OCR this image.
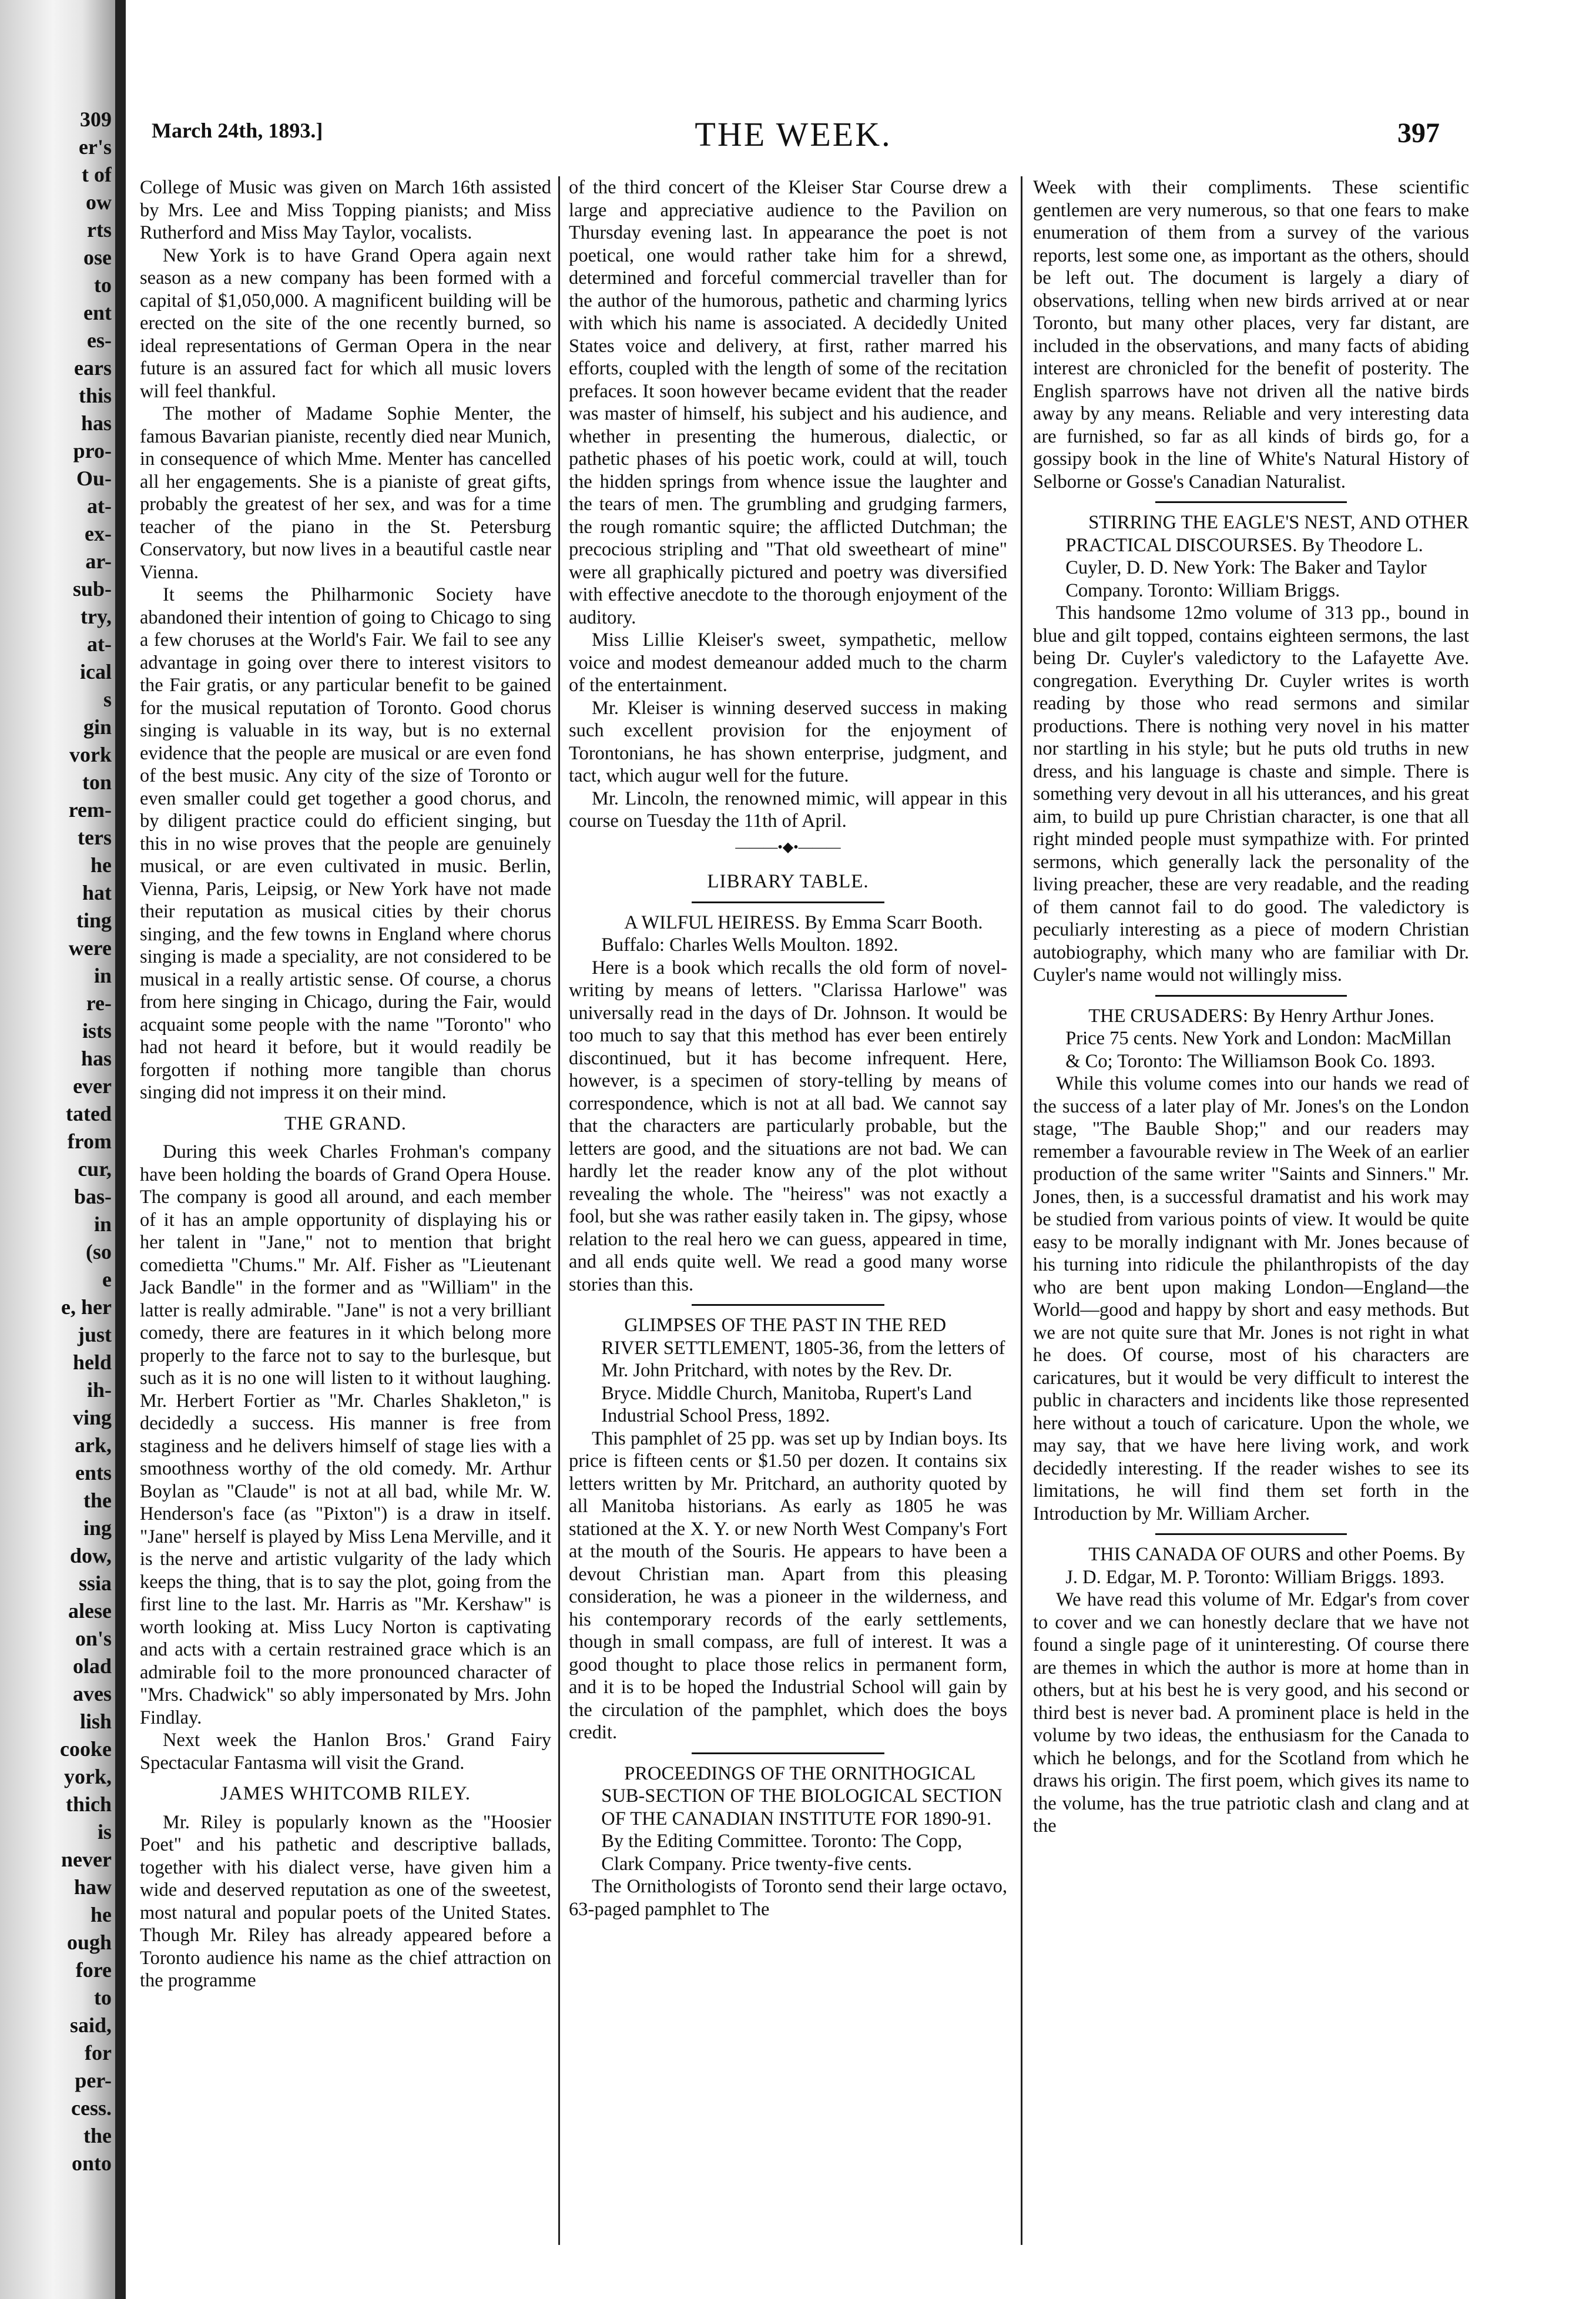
309
er's
t of
ow
rts
ose
to
ent
es-
ears
this
has
pro-
Ou-
at-
ex-
ar-
sub-
try,
at-
ical
s
gin
vork
ton
rem-
ters
he
hat
ting
were
in
re-
ists
has
ever
tated
from
cur,
bas-
in
(so
e
e, her
just
held
ih-
ving
ark,
ents
the
ing
dow,
ssia
alese
on's
olad
aves
lish
cooke
york,
thich
is
never
haw
he
ough
fore
to
said,
for
per-
cess.
the
onto
March 24th, 1893.]	THE WEEK.	397

College of Music was given on March 16th assisted by Mrs. Lee and Miss Topping pianists; and Miss Rutherford and Miss May Taylor, vocalists.

New York is to have Grand Opera again next season as a new company has been formed with a capital of $1,050,000. A magnificent building will be erected on the site of the one recently burned, so ideal representations of German Opera in the near future is an assured fact for which all music lovers will feel thankful.

The mother of Madame Sophie Menter, the famous Bavarian pianiste, recently died near Munich, in consequence of which Mme. Menter has cancelled all her engagements. She is a pianiste of great gifts, probably the greatest of her sex, and was for a time teacher of the piano in the St. Petersburg Conservatory, but now lives in a beautiful castle near Vienna.

It seems the Philharmonic Society have abandoned their intention of going to Chicago to sing a few choruses at the World's Fair. We fail to see any advantage in going over there to interest visitors to the Fair gratis, or any particular benefit to be gained for the musical reputation of Toronto. Good chorus singing is valuable in its way, but is no external evidence that the people are musical or are even fond of the best music. Any city of the size of Toronto or even smaller could get together a good chorus, and by diligent practice could do efficient singing, but this in no wise proves that the people are genuinely musical, or are even cultivated in music. Berlin, Vienna, Paris, Leipsig, or New York have not made their reputation as musical cities by their chorus singing, and the few towns in England where chorus singing is made a speciality, are not considered to be musical in a really artistic sense. Of course, a chorus from here singing in Chicago, during the Fair, would acquaint some people with the name "Toronto" who had not heard it before, but it would readily be forgotten if nothing more tangible than chorus singing did not impress it on their mind.

THE GRAND.

During this week Charles Frohman's company have been holding the boards of Grand Opera House. The company is good all around, and each member of it has an ample opportunity of displaying his or her talent in "Jane," not to mention that bright comedietta "Chums." Mr. Alf. Fisher as "Lieutenant Jack Bandle" in the former and as "William" in the latter is really admirable. "Jane" is not a very brilliant comedy, there are features in it which belong more properly to the farce not to say to the burlesque, but such as it is no one will listen to it without laughing. Mr. Herbert Fortier as "Mr. Charles Shakleton," is decidedly a success. His manner is free from staginess and he delivers himself of stage lies with a smoothness worthy of the old comedy. Mr. Arthur Boylan as "Claude" is not at all bad, while Mr. W. Henderson's face (as "Pixton") is a draw in itself. "Jane" herself is played by Miss Lena Merville, and it is the nerve and artistic vulgarity of the lady which keeps the thing, that is to say the plot, going from the first line to the last. Mr. Harris as "Mr. Kershaw" is worth looking at. Miss Lucy Norton is captivating and acts with a certain restrained grace which is an admirable foil to the more pronounced character of "Mrs. Chadwick" so ably impersonated by Mrs. John Findlay.

Next week the Hanlon Bros.' Grand Fairy Spectacular Fantasma will visit the Grand.

JAMES WHITCOMB RILEY.

Mr. Riley is popularly known as the "Hoosier Poet" and his pathetic and descriptive ballads, together with his dialect verse, have given him a wide and deserved reputation as one of the sweetest, most natural and popular poets of the United States. Though Mr. Riley has already appeared before a Toronto audience his name as the chief attraction on the programme

of the third concert of the Kleiser Star Course drew a large and appreciative audience to the Pavilion on Thursday evening last. In appearance the poet is not poetical, one would rather take him for a shrewd, determined and forceful commercial traveller than for the author of the humorous, pathetic and charming lyrics with which his name is associated. A decidedly United States voice and delivery, at first, rather marred his efforts, coupled with the length of some of the recitation prefaces. It soon however became evident that the reader was master of himself, his subject and his audience, and whether in presenting the humerous, dialectic, or pathetic phases of his poetic work, could at will, touch the hidden springs from whence issue the laughter and the tears of men. The grumbling and grudging farmers, the rough romantic squire; the afflicted Dutchman; the precocious stripling and "That old sweetheart of mine" were all graphically pictured and poetry was diversified with effective anecdote to the thorough enjoyment of the auditory.

Miss Lillie Kleiser's sweet, sympathetic, mellow voice and modest demeanour added much to the charm of the entertainment.

Mr. Kleiser is winning deserved success in making such excellent provision for the enjoyment of Torontonians, he has shown enterprise, judgment, and tact, which augur well for the future.

Mr. Lincoln, the renowned mimic, will appear in this course on Tuesday the 11th of April.

———•◆•———
LIBRARY TABLE.

A WILFUL HEIRESS. By Emma Scarr Booth. Buffalo: Charles Wells Moulton. 1892.

Here is a book which recalls the old form of novel-writing by means of letters. "Clarissa Harlowe" was universally read in the days of Dr. Johnson. It would be too much to say that this method has ever been entirely discontinued, but it has become infrequent. Here, however, is a specimen of story-telling by means of correspondence, which is not at all bad. We cannot say that the characters are particularly probable, but the letters are good, and the situations are not bad. We can hardly let the reader know any of the plot without revealing the whole. The "heiress" was not exactly a fool, but she was rather easily taken in. The gipsy, whose relation to the real hero we can guess, appeared in time, and all ends quite well. We read a good many worse stories than this.

GLIMPSES OF THE PAST IN THE RED RIVER SETTLEMENT, 1805-36, from the letters of Mr. John Pritchard, with notes by the Rev. Dr. Bryce. Middle Church, Manitoba, Rupert's Land Industrial School Press, 1892.

This pamphlet of 25 pp. was set up by Indian boys. Its price is fifteen cents or $1.50 per dozen. It contains six letters written by Mr. Pritchard, an authority quoted by all Manitoba historians. As early as 1805 he was stationed at the X. Y. or new North West Company's Fort at the mouth of the Souris. He appears to have been a devout Christian man. Apart from this pleasing consideration, he was a pioneer in the wilderness, and his contemporary records of the early settlements, though in small compass, are full of interest. It was a good thought to place those relics in permanent form, and it is to be hoped the Industrial School will gain by the circulation of the pamphlet, which does the boys credit.

PROCEEDINGS OF THE ORNITHOGICAL SUB-SECTION OF THE BIOLOGICAL SECTION OF THE CANADIAN INSTITUTE FOR 1890-91. By the Editing Committee. Toronto: The Copp, Clark Company. Price twenty-five cents.

The Ornithologists of Toronto send their large octavo, 63-paged pamphlet to The

Week with their compliments. These scientific gentlemen are very numerous, so that one fears to make enumeration of them from a survey of the various reports, lest some one, as important as the others, should be left out. The document is largely a diary of observations, telling when new birds arrived at or near Toronto, but many other places, very far distant, are included in the observations, and many facts of abiding interest are chronicled for the benefit of posterity. The English sparrows have not driven all the native birds away by any means. Reliable and very interesting data are furnished, so far as all kinds of birds go, for a gossipy book in the line of White's Natural History of Selborne or Gosse's Canadian Naturalist.

STIRRING THE EAGLE'S NEST, AND OTHER PRACTICAL DISCOURSES. By Theodore L. Cuyler, D. D. New York: The Baker and Taylor Company. Toronto: William Briggs.

This handsome 12mo volume of 313 pp., bound in blue and gilt topped, contains eighteen sermons, the last being Dr. Cuyler's valedictory to the Lafayette Ave. congregation. Everything Dr. Cuyler writes is worth reading by those who read sermons and similar productions. There is nothing very novel in his matter nor startling in his style; but he puts old truths in new dress, and his language is chaste and simple. There is something very devout in all his utterances, and his great aim, to build up pure Christian character, is one that all right minded people must sympathize with. For printed sermons, which generally lack the personality of the living preacher, these are very readable, and the reading of them cannot fail to do good. The valedictory is peculiarly interesting as a piece of modern Christian autobiography, which many who are familiar with Dr. Cuyler's name would not willingly miss.

THE CRUSADERS: By Henry Arthur Jones. Price 75 cents. New York and London: MacMillan & Co; Toronto: The Williamson Book Co. 1893.

While this volume comes into our hands we read of the success of a later play of Mr. Jones's on the London stage, "The Bauble Shop;" and our readers may remember a favourable review in The Week of an earlier production of the same writer "Saints and Sinners." Mr. Jones, then, is a successful dramatist and his work may be studied from various points of view. It would be quite easy to be morally indignant with Mr. Jones because of his turning into ridicule the philanthropists of the day who are bent upon making London—England—the World—good and happy by short and easy methods. But we are not quite sure that Mr. Jones is not right in what he does. Of course, most of his characters are caricatures, but it would be very difficult to interest the public in characters and incidents like those represented here without a touch of caricature. Upon the whole, we may say, that we have here living work, and work decidedly interesting. If the reader wishes to see its limitations, he will find them set forth in the Introduction by Mr. William Archer.

THIS CANADA OF OURS and other Poems. By J. D. Edgar, M. P. Toronto: William Briggs. 1893.

We have read this volume of Mr. Edgar's from cover to cover and we can honestly declare that we have not found a single page of it uninteresting. Of course there are themes in which the author is more at home than in others, but at his best he is very good, and his second or third best is never bad. A prominent place is held in the volume by two ideas, the enthusiasm for the Canada to which he belongs, and for the Scotland from which he draws his origin. The first poem, which gives its name to the volume, has the true patriotic clash and clang and at the
